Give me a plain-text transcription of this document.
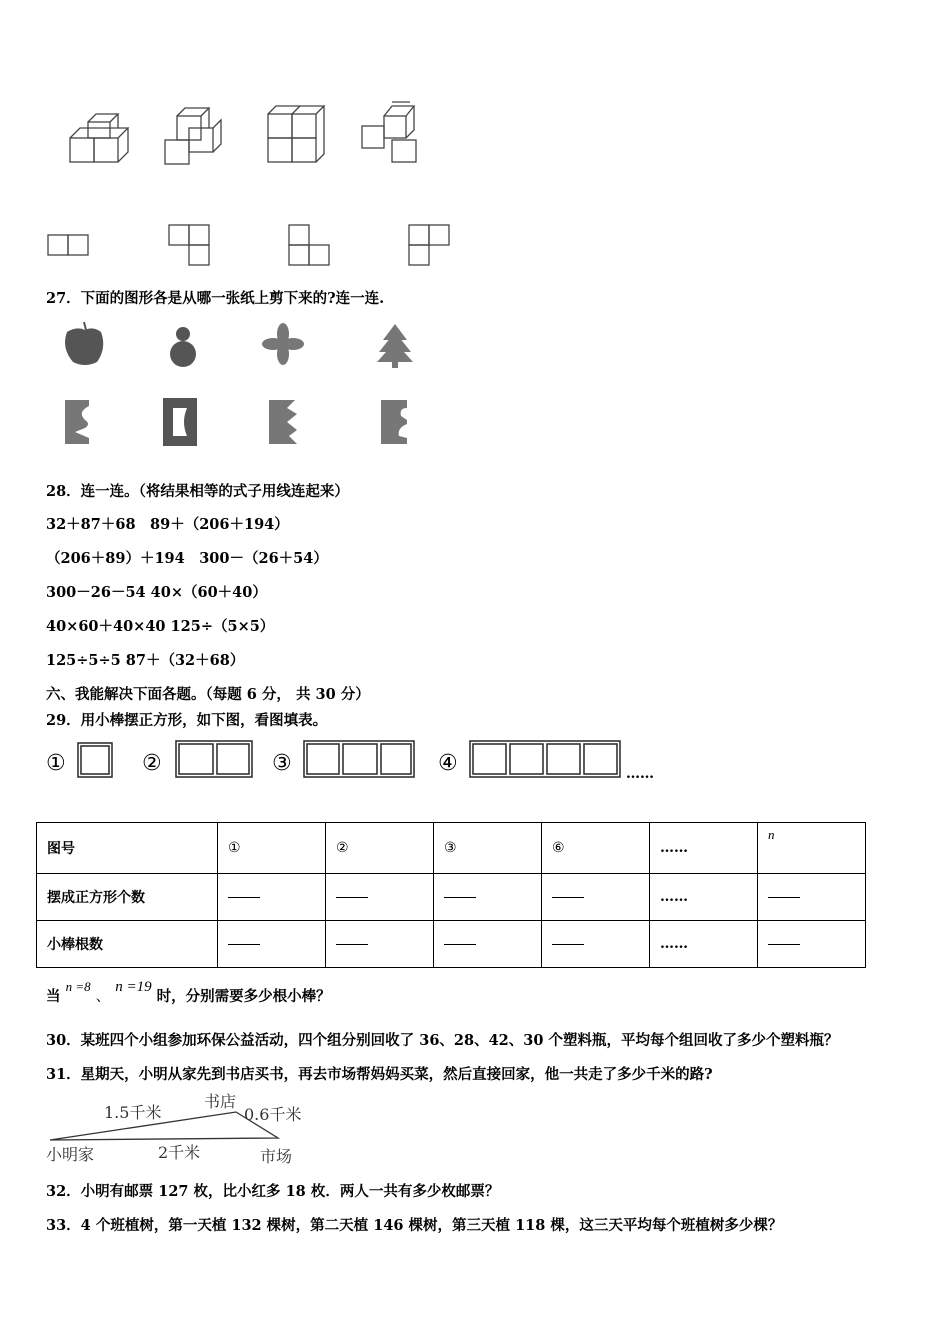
27．下面的图形各是从哪一张纸上剪下来的?连一连.
28．连一连。（将结果相等的式子用线连起来）
32＋87＋68　89＋（206＋194）
（206＋89）＋194　300－（26＋54）
300－26－54 40×（60＋40）
40×60＋40×40 125÷（5×5）
125÷5÷5 87＋（32＋68）
六、我能解决下面各题。（每题 6 分， 共 30 分）
29．用小棒摆正方形，如下图，看图填表。
①	②	③	④	……
图号	①	②	③	⑥	……	n
摆成正方形个数					……	
小棒根数					……	
当 n =8 、 n =19 时，分别需要多少根小棒？
30．某班四个小组参加环保公益活动，四个组分别回收了 36、28、42、30 个塑料瓶，平均每个组回收了多少个塑料瓶？
31．星期天，小明从家先到书店买书，再去市场帮妈妈买菜，然后直接回家，他一共走了多少千米的路?
1.5千米
书店
0.6千米
小明家	2千米	市场
32．小明有邮票 127 枚，比小红多 18 枚．两人一共有多少枚邮票？
33．4 个班植树，第一天植 132 棵树，第二天植 146 棵树，第三天植 118 棵，这三天平均每个班植树多少棵？
